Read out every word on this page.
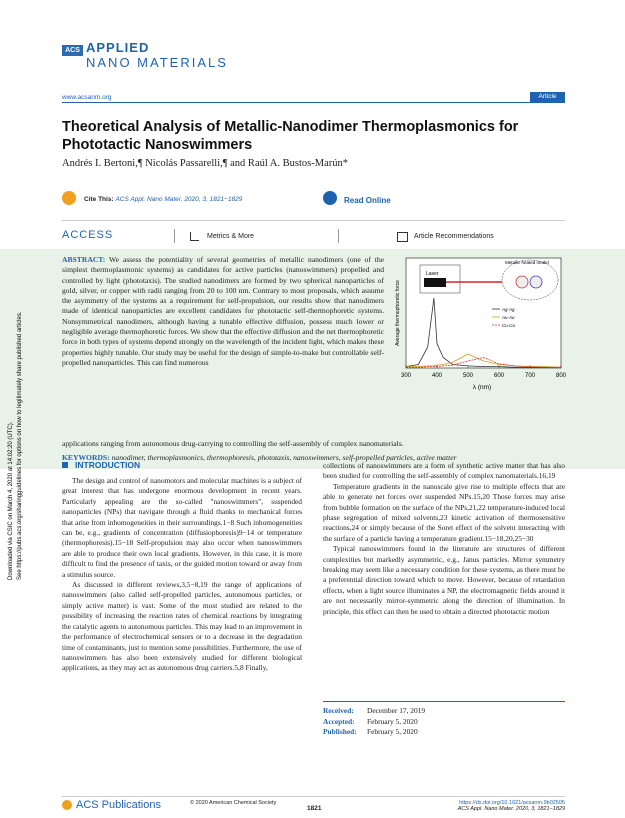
ACS APPLIED
NANO MATERIALS
www.acsanm.org	Article
Theoretical Analysis of Metallic-Nanodimer Thermoplasmonics for Phototactic Nanoswimmers
Andrés I. Bertoni,¶ Nicolás Passarelli,¶ and Raúl A. Bustos-Marún*
Cite This: ACS Appl. Nano Mater. 2020, 3, 1821−1829	Read Online
ACCESS	Metrics & More	Article Recommendations
ABSTRACT: We assess the potentiality of several geometries of metallic nanodimers (one of the simplest thermoplasmonic systems) as candidates for active particles (nanoswimmers) propelled and controlled by light (phototaxis). The studied nanodimers are formed by two spherical nanoparticles of gold, silver, or copper with radii ranging from 20 to 100 nm. Contrary to most proposals, which assume the asymmetry of the systems as a requirement for self-propulsion, our results show that nanodimers made of identical nanoparticles are excellent candidates for phototactic self-thermophoretic systems. Nonsymmetrical nanodimers, although having a tunable effective diffusion, possess much lower or negligible average thermophoretic forces. We show that the effective diffusion and the net thermophoretic force in both types of systems depend strongly on the wavelength of the incident light, which makes these properties highly tunable. Our study may be useful for the design of simple-to-make but controllable self-propelled nanoparticles. This can find numerous
applications ranging from autonomous drug-carrying to controlling the self-assembly of complex nanomaterials.
KEYWORDS: nanodimer, thermoplasmonics, thermophoresis, phototaxis, nanoswimmers, self-propelled particles, active matter
Laser
Metallic heated model
Ag-Ag
Au-Au
Cu-Cu
300	400	500	600	700	800
λ (nm)
Average thermophoretic force
Downloaded via CSIC on March 4, 2020 at 14:02:20 (UTC). See https://pubs.acs.org/sharingguidelines for options on how to legitimately share published articles.	INTRODUCTION

The design and control of nanomotors and molecular machines is a subject of great interest that has undergone enormous development in recent years. Particularly appealing are the so-called "nanoswimmers", suspended nanoparticles (NPs) that navigate through a fluid thanks to mechanical forces that arise from inhomogeneities in their surroundings.1−8 Such inhomogeneities can be, e.g., gradients of concentration (diffusiophoresis)9−14 or temperature (thermophoresis).15−18 Self-propulsion may also occur when nanoswimmers are able to produce their own local gradients. However, in this case, it is more difficult to find the presence of taxis, or the guided motion toward or away from a stimulus source.

As discussed in different reviews,3,5−8,19 the range of applications of nanoswimmers (also called self-propelled particles, autonomous particles, or simply active matter) is vast. Some of the most studied are related to the possibility of increasing the reaction rates of chemical reactions by integrating the catalytic agents to autonomous particles. This may lead to an improvement in the performance of electrochemical sensors or to a decrease in the degradation time of contaminants, just to mention some possibilities. Furthermore, the use of nanoswimmers has also been extensively studied for different biological applications, as they may act as autonomous drug carriers.5,8 Finally,

collections of nanoswimmers are a form of synthetic active matter that has also been studied for controlling the self-assembly of complex nanomaterials.16,19

Temperature gradients in the nanoscale give rise to multiple effects that are able to generate net forces over suspended NPs.15,20 Those forces may arise from bubble formation on the surface of the NPs,21,22 temperature-induced local phase segregation of mixed solvents,23 kinetic activation of thermosensitive reactions,24 or simply because of the Soret effect of the solvent interacting with the surface of a particle having a temperature gradient.15−18,20,25−30

Typical nanoswimmers found in the literature are structures of different complexities but markedly asymmetric, e.g., Janus particles. Mirror symmetry breaking may seem like a necessary condition for these systems, as there must be a preferential direction toward which to move. However, because of retardation effects, when a light source illuminates a NP, the electromagnetic fields around it are not necessarily mirror-symmetric along the direction of illumination. In principle, this effect can then be used to obtain a directed phototactic motion

Received: December 17, 2019
Accepted: February 5, 2020
Published: February 5, 2020
ACS Publications	© 2020 American Chemical Society
1821
https://dx.doi.org/10.1021/acsanm.9b02505
ACS Appl. Nano Mater. 2020, 3, 1821−1829
